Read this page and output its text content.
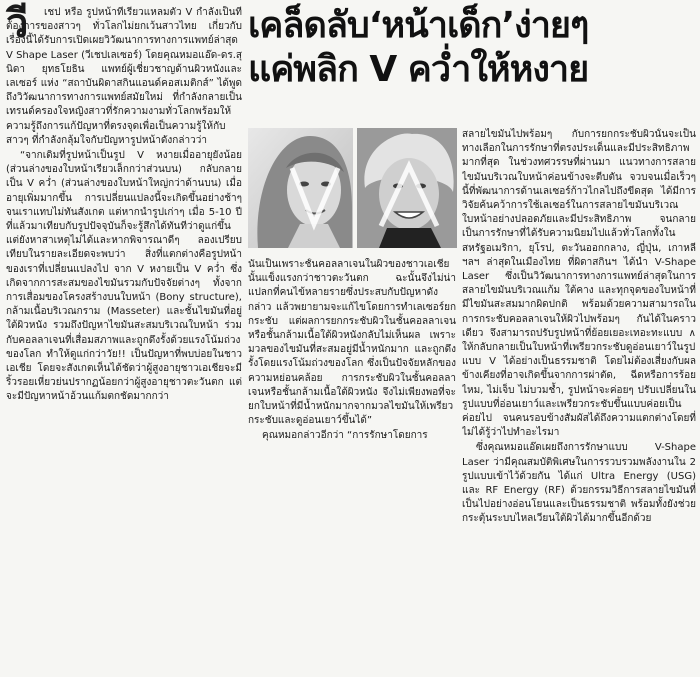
วี	เชป หรือ รูปหน้าที่เรียวแหลมตัว V กำลังเป็นที่ต้องการของสาวๆ ทั่วโลกไม่ยกเว้นสาวไทย เกี่ยวกับเรื่องนี้ได้รับการเปิดเผยวิวัฒนาการทางการแพทย์ล่าสุด V Shape Laser (วีเชปเลเซอร์) โดยคุณหมอแอ๊ด-ดร.สุนิดา ยุทธโยธิน แพทย์ผู้เชี่ยวชาญด้านผิวหนังและเลเซอร์ แห่ง “สถาบันผิดาสกินแอนด์คอสเมติกส์” ได้พูดถึงวิวัฒนาการทางการแพทย์สมัยใหม่ ที่กำลังกลายเป็นเทรนด์ครองใจหญิงสาวที่รักความงามทั่วโลกพร้อมให้ความรู้ถึงการแก้ปัญหาที่ตรงจุดเพื่อเป็นความรู้ให้กับสาวๆ ที่กำลังกลุ้มใจกับปัญหารูปหน้าดังกล่าวว่า

“จากเดิมที่รูปหน้าเป็นรูป V หงายเมื่ออายุยังน้อย (ส่วนล่างของใบหน้าเรียวเล็กกว่าส่วนบน) กลับกลายเป็น V คว่ำ (ส่วนล่างของใบหน้าใหญ่กว่าด้านบน) เมื่ออายุเพิ่มมากขึ้น การเปลี่ยนแปลงนี้จะเกิดขึ้นอย่างช้าๆ จนเราแทบไม่ทันสังเกต แต่หากนำรูปเก่าๆ เมื่อ 5-10 ปีที่แล้วมาเทียบกับรูปปัจจุบันก็จะรู้สึกได้ทันทีว่าดูแก่ขึ้น แต่ยังหาสาเหตุไม่ได้และหากพิจารณาดีๆ ลองเปรียบเทียบในรายละเอียดจะพบว่า สิ่งที่แตกต่างคือรูปหน้าของเราที่เปลี่ยนแปลงไป จาก V หงายเป็น V คว่ำ ซึ่งเกิดจากการสะสมของไขมันรวมกับปัจจัยต่างๆ ทั้งจากการเสื่อมของโครงสร้างบนใบหน้า (Bony structure), กล้ามเนื้อบริเวณกราม (Masseter) และชั้นไขมันที่อยู่ใต้ผิวหนัง รวมถึงปัญหาไขมันสะสมบริเวณใบหน้า ร่วมกับคอลลาเจนที่เสื่อมสภาพและถูกดึงรั้งด้วยแรงโน้มถ่วงของโลก ทำให้ดูแก่กว่าวัย!! เป็นปัญหาที่พบบ่อยในชาวเอเชีย โดยจะสังเกตเห็นได้ชัดว่าผู้สูงอายุชาวเอเชียจะมีริ้วรอยเหี่ยวย่นปรากฏน้อยกว่าผู้สูงอายุชาวตะวันตก แต่จะมีปัญหาหน้าอ้วนแก้มตกชัดมากกว่า

เคล็ดลับ‘หน้าเด็ก’ง่ายๆ
แค่พลิก V คว่ำให้หงาย

นั่นเป็นเพราะชั้นคอลลาเจนในผิวของชาวเอเชียนั้นแข็งแรงกว่าชาวตะวันตก ฉะนั้นจึงไม่น่าแปลกที่คนไข้หลายรายซึ่งประสบกับปัญหาดังกล่าว แล้วพยายามจะแก้ไขโดยการทำเลเซอร์ยกกระชับ แต่ผลการยกกระชับผิวในชั้นคอลลาเจนหรือชั้นกล้ามเนื้อใต้ผิวหนังกลับไม่เห็นผล เพราะมวลของไขมันที่สะสมอยู่มีน้ำหนักมาก และถูกดึงรั้งโดยแรงโน้มถ่วงของโลก ซึ่งเป็นปัจจัยหลักของความหย่อนคล้อย การกระชับผิวในชั้นคอลลาเจนหรือชั้นกล้ามเนื้อใต้ผิวหนัง จึงไม่เพียงพอที่จะยกใบหน้าที่มีน้ำหนักมากจากมวลไขมันให้เพรียวกระชับและดูอ่อนเยาว์ขึ้นได้”

คุณหมอกล่าวอีกว่า “การรักษาโดยการ

สลายไขมันไปพร้อมๆ กับการยกกระชับผิวนั้นจะเป็นทางเลือกในการรักษาที่ตรงประเด็นและมีประสิทธิภาพมากที่สุด ในช่วงทศวรรษที่ผ่านมา แนวทางการสลายไขมันบริเวณใบหน้าค่อนข้างจะตีบตัน จวบจนเมื่อเร็วๆ นี้ที่พัฒนาการด้านเลเซอร์ก้าวไกลไปถึงขีดสุด ได้มีการวิจัยค้นคว้าการใช้เลเซอร์ในการสลายไขมันบริเวณใบหน้าอย่างปลอดภัยและมีประสิทธิภาพ จนกลายเป็นการรักษาที่ได้รับความนิยมไปแล้วทั่วโลกทั้งในสหรัฐอเมริกา, ยุโรป, ตะวันออกกลาง, ญี่ปุ่น, เกาหลี ฯลฯ ล่าสุดในเมืองไทย ที่ผิดาสกินฯ ได้นำ V-Shape Laser ซึ่งเป็นวิวัฒนาการทางการแพทย์ล่าสุดในการสลายไขมันบริเวณแก้ม ใต้คาง และทุกจุดของใบหน้าที่มีไขมันสะสมมากผิดปกติ พร้อมด้วยความสามารถในการกระชับคอลลาเจนให้ผิวไปพร้อมๆ กันได้ในคราวเดียว จึงสามารถปรับรูปหน้าที่ย้อยเยอะเทอะทะแบบ ∧ ให้กลับกลายเป็นใบหน้าที่เพรียวกระชับดูอ่อนเยาว์ในรูปแบบ V ได้อย่างเป็นธรรมชาติ โดยไม่ต้องเสี่ยงกับผลข้างเคียงที่อาจเกิดขึ้นจากการผ่าตัด, ฉีดหรือการร้อยไหม, ไม่เจ็บ ไม่บวมช้ำ, รูปหน้าจะค่อยๆ ปรับเปลี่ยนในรูปแบบที่อ่อนเยาว์และเพรียวกระชับขึ้นแบบค่อยเป็นค่อยไป จนคนรอบข้างสัมผัสได้ถึงความแตกต่างโดยที่ไม่ได้รู้ว่าไปทำอะไรมา

ซึ่งคุณหมอแอ๊ดเผยถึงการรักษาแบบ V-Shape Laser ว่ามีคุณสมบัติพิเศษในการรวบรวมพลังงานใน 2 รูปแบบเข้าไว้ด้วยกัน ได้แก่ Ultra Energy (USG) และ RF Energy (RF) ด้วยกรรมวิธีการสลายไขมันที่เป็นไปอย่างอ่อนโยนและเป็นธรรมชาติ พร้อมทั้งยังช่วยกระตุ้นระบบไหลเวียนใต้ผิวได้มากขึ้นอีกด้วย
